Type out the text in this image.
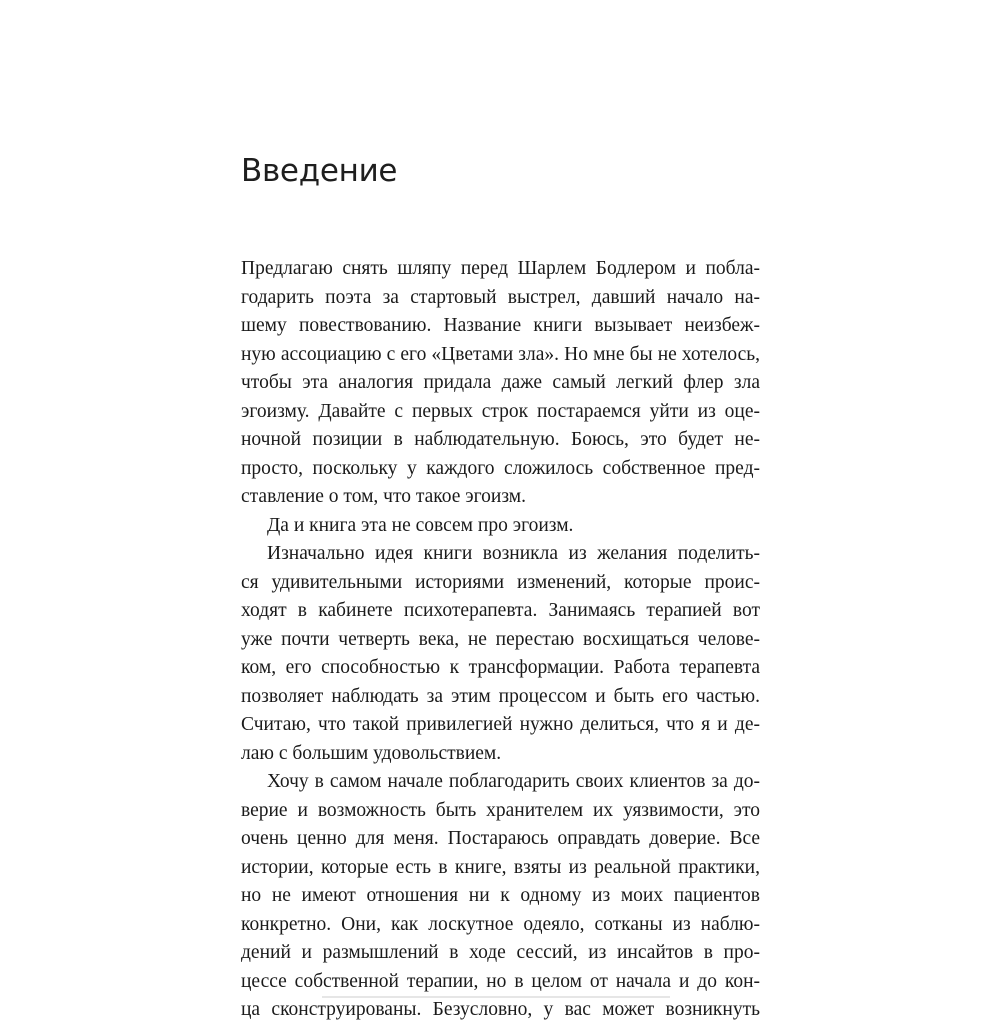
Введение
Предлагаю снять шляпу перед Шарлем Бодлером и побла-
годарить поэта за стартовый выстрел, давший начало на-
шему повествованию. Название книги вызывает неизбеж-
ную ассоциацию с его «Цветами зла». Но мне бы не хотелось,
чтобы эта аналогия придала даже самый легкий флер зла
эгоизму. Давайте с первых строк постараемся уйти из оце-
ночной позиции в наблюдательную. Боюсь, это будет не-
просто, поскольку у каждого сложилось собственное пред-
ставление о том, что такое эгоизм.
Да и книга эта не совсем про эгоизм.
Изначально идея книги возникла из желания поделить-
ся удивительными историями изменений, которые проис-
ходят в кабинете психотерапевта. Занимаясь терапией вот
уже почти четверть века, не перестаю восхищаться челове-
ком, его способностью к трансформации. Работа терапевта
позволяет наблюдать за этим процессом и быть его частью.
Считаю, что такой привилегией нужно делиться, что я и де-
лаю с большим удовольствием.
Хочу в самом начале поблагодарить своих клиентов за до-
верие и возможность быть хранителем их уязвимости, это
очень ценно для меня. Постараюсь оправдать доверие. Все
истории, которые есть в книге, взяты из реальной практики,
но не имеют отношения ни к одному из моих пациентов
конкретно. Они, как лоскутное одеяло, сотканы из наблю-
дений и размышлений в ходе сессий, из инсайтов в про-
цессе собственной терапии, но в целом от начала и до кон-
ца сконструированы. Безусловно, у вас может возникнуть
